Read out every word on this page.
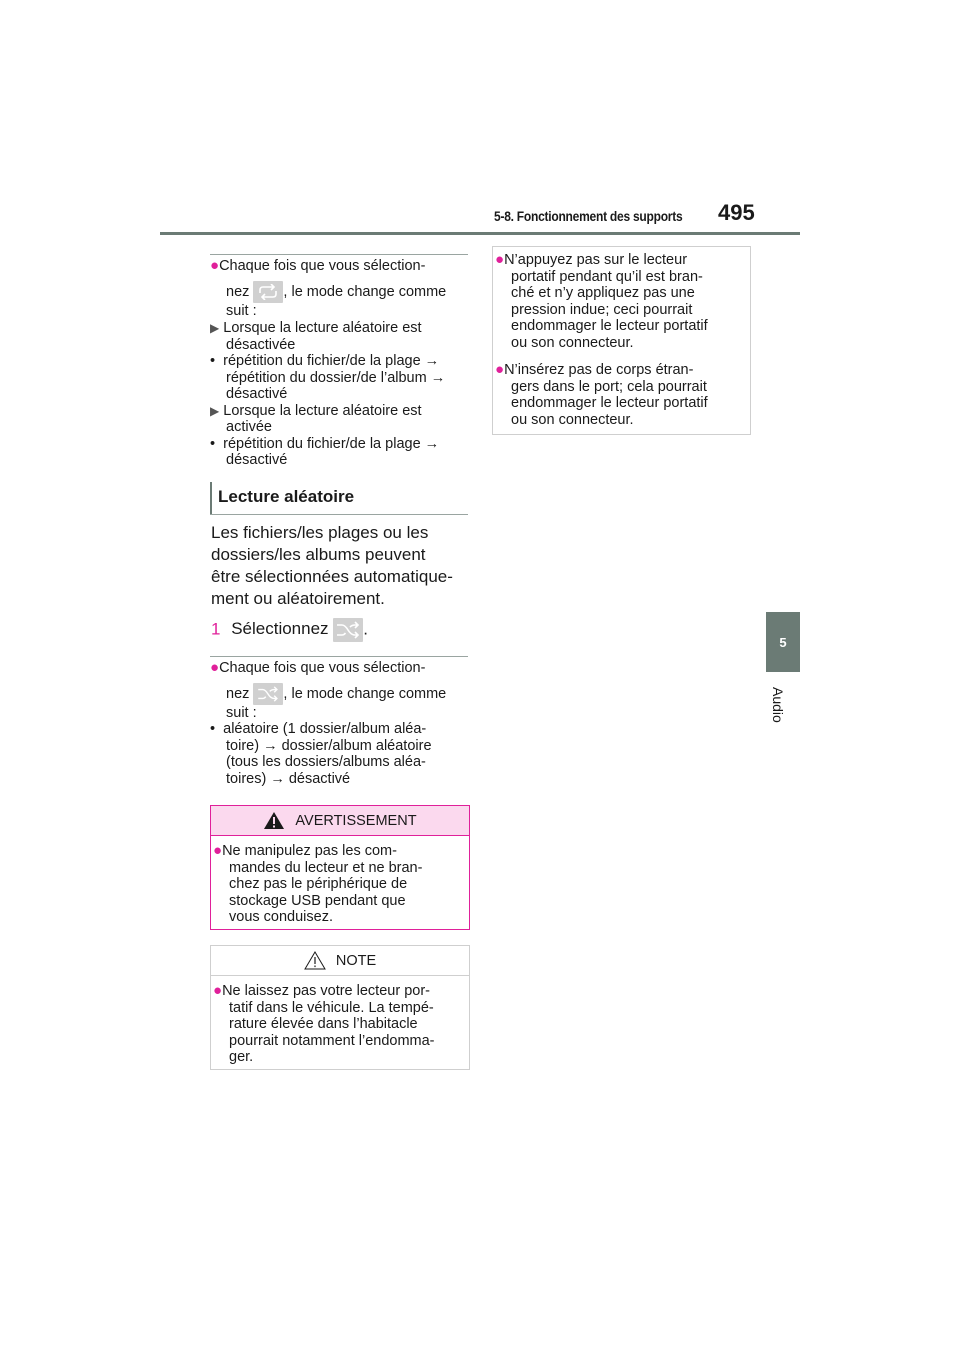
5-8. Fonctionnement des supports 495
5
Audio
●Chaque fois que vous sélection-
nez , le mode change comme
suit :
▶ Lorsque la lecture aléatoire est
désactivée
• répétition du fichier/de la plage →
répétition du dossier/de l’album →
désactivé
▶ Lorsque la lecture aléatoire est
activée
• répétition du fichier/de la plage →
désactivé
Lecture aléatoire
Les fichiers/les plages ou les
dossiers/les albums peuvent
être sélectionnées automatique-
ment ou aléatoirement.
1 Sélectionnez .
●Chaque fois que vous sélection-
nez , le mode change comme
suit :
• aléatoire (1 dossier/album aléa-
toire) → dossier/album aléatoire
(tous les dossiers/albums aléa-
toires) → désactivé
AVERTISSEMENT
●Ne manipulez pas les com-
mandes du lecteur et ne bran-
chez pas le périphérique de
stockage USB pendant que
vous conduisez.
NOTE
●Ne laissez pas votre lecteur por-
tatif dans le véhicule. La tempé-
rature élevée dans l’habitacle
pourrait notamment l’endomma-
ger.
●N’appuyez pas sur le lecteur
portatif pendant qu’il est bran-
ché et n’y appliquez pas une
pression indue; ceci pourrait
endommager le lecteur portatif
ou son connecteur.
●N’insérez pas de corps étran-
gers dans le port; cela pourrait
endommager le lecteur portatif
ou son connecteur.
